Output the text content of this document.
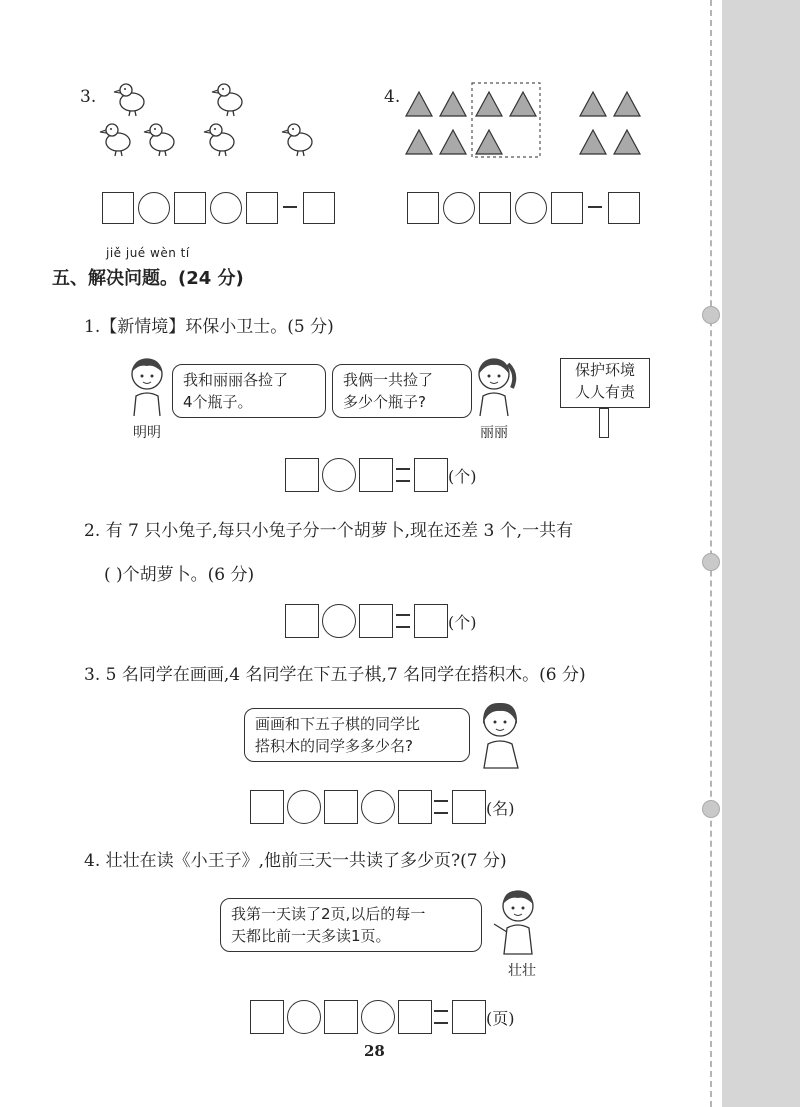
3.	4.
jiě jué wèn tí
五、解决问题。(24 分)
1.【新情境】环保小卫士。(5 分)
明明
我和丽丽各捡了
4个瓶子。
我俩一共捡了
多少个瓶子?
丽丽
保护环境
人人有责
(个)
2. 有 7 只小兔子,每只小兔子分一个胡萝卜,现在还差 3 个,一共有
( )个胡萝卜。(6 分)
(个)
3. 5 名同学在画画,4 名同学在下五子棋,7 名同学在搭积木。(6 分)
画画和下五子棋的同学比
搭积木的同学多多少名?
(名)
4. 壮壮在读《小王子》,他前三天一共读了多少页?(7 分)
我第一天读了2页,以后的每一
天都比前一天多读1页。
壮壮
(页)
28
